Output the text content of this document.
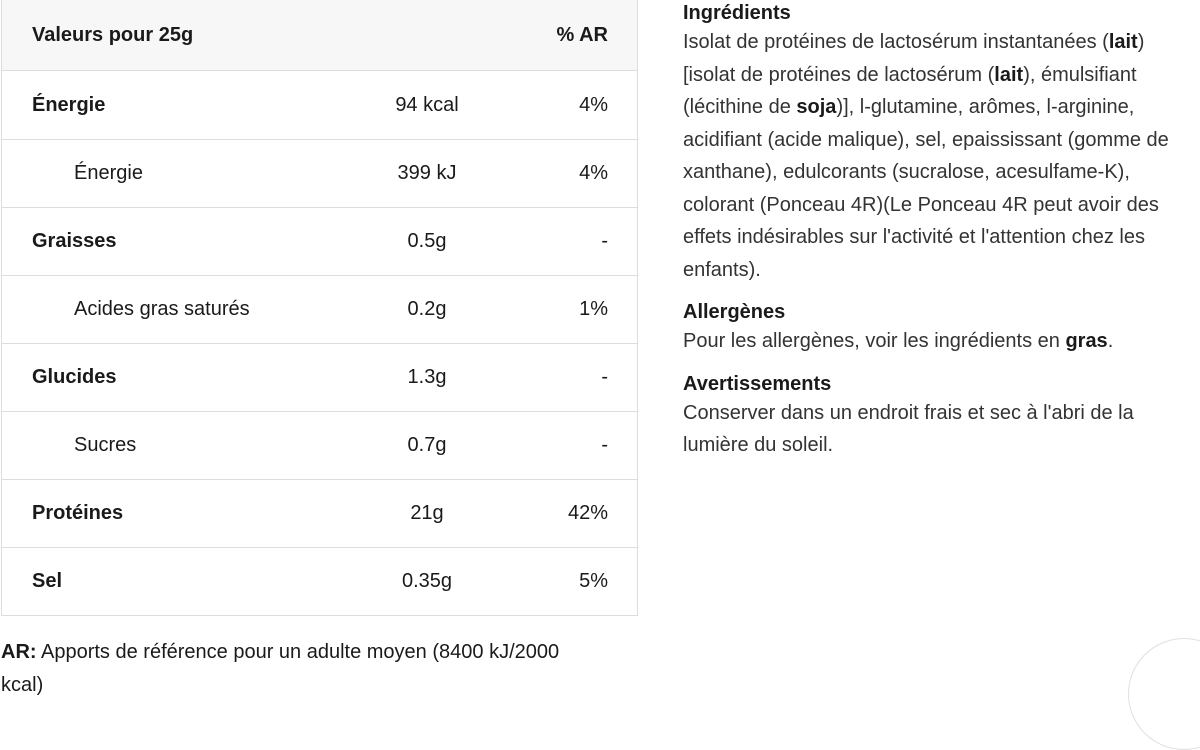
Valeurs pour 25g	% AR
Énergie	94 kcal	4%
Énergie	399 kJ	4%
Graisses	0.5g	-
Acides gras saturés	0.2g	1%
Glucides	1.3g	-
Sucres	0.7g	-
Protéines	21g	42%
Sel	0.35g	5%
AR: Apports de référence pour un adulte moyen (8400 kJ/2000 kcal)
Ingrédients

Isolat de protéines de lactosérum instantanées (lait)[isolat de protéines de lactosérum (lait), émulsifiant (lécithine de soja)], l-glutamine, arômes, l-arginine, acidifiant (acide malique), sel, epaississant (gomme de xanthane), edulcorants (sucralose, acesulfame-K), colorant (Ponceau 4R)(Le Ponceau 4R peut avoir des effets indésirables sur l'activité et l'attention chez les enfants).

Allergènes

Pour les allergènes, voir les ingrédients en gras.

Avertissements

Conserver dans un endroit frais et sec à l'abri de la lumière du soleil.
